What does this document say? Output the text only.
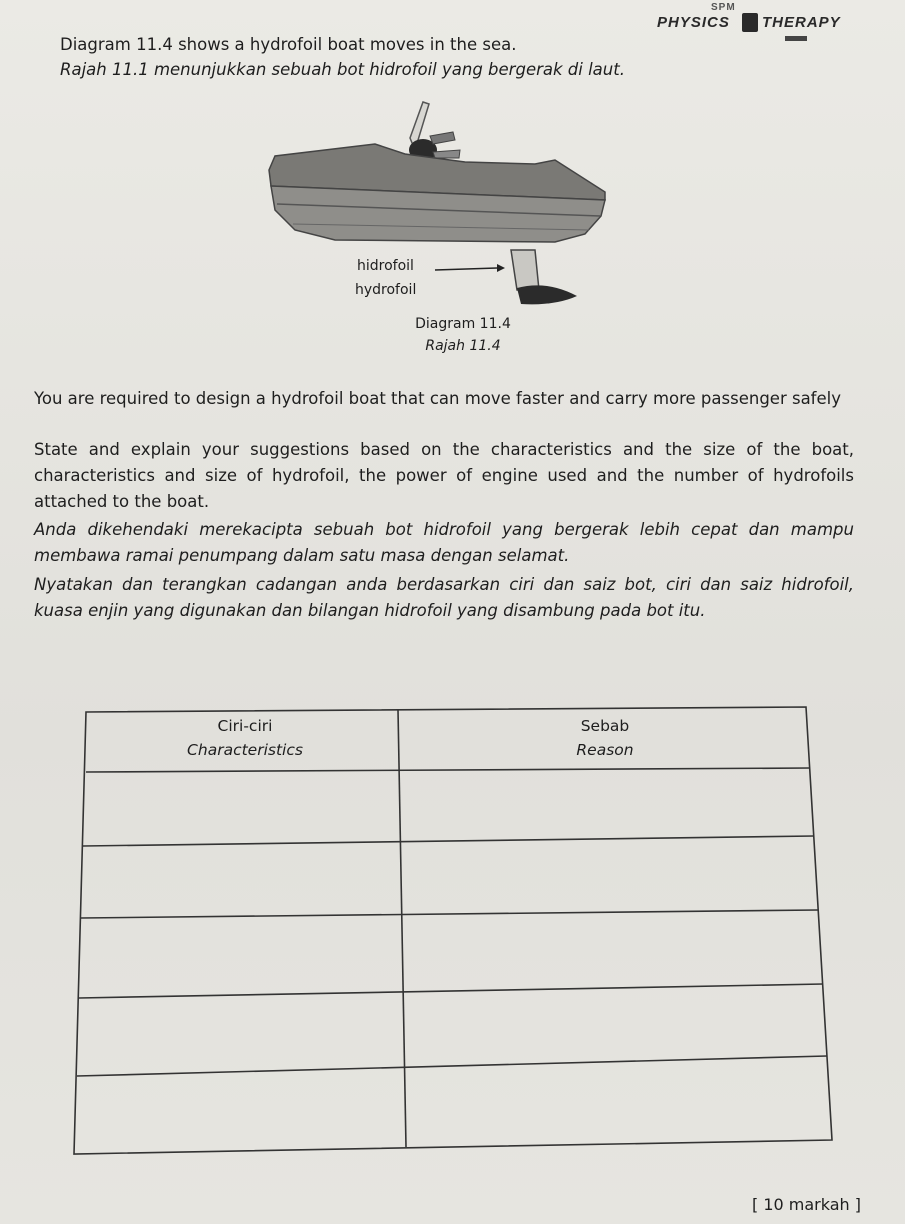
SPM
PHYSICS THERAPY
Diagram 11.4 shows a hydrofoil boat moves in the sea.
Rajah 11.1 menunjukkan sebuah bot hidrofoil yang bergerak di laut.
hidrofoil
hydrofoil
Diagram 11.4
Rajah 11.4
You are required to design a hydrofoil boat that can move faster and carry more passenger safely
State and explain your suggestions based on the characteristics and the size of the boat, characteristics and size of hydrofoil, the power of engine used and the number of hydrofoils attached to the boat.
Anda dikehendaki merekacipta sebuah bot hidrofoil yang bergerak lebih cepat dan mampu membawa ramai penumpang dalam satu masa dengan selamat.
Nyatakan dan terangkan cadangan anda berdasarkan ciri dan saiz bot, ciri dan saiz hidrofoil, kuasa enjin yang digunakan dan bilangan hidrofoil yang disambung pada bot itu.
Ciri-ciri
Characteristics
Sebab
Reason
[ 10 markah ]
